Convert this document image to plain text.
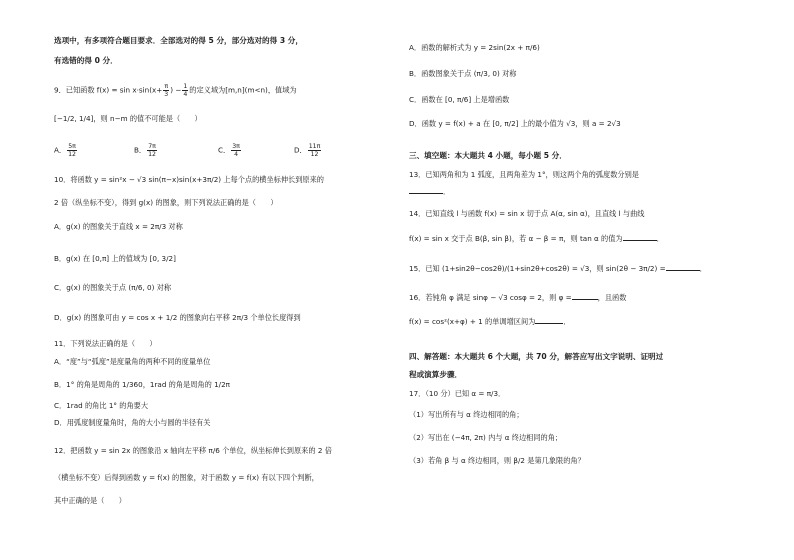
选项中，有多项符合题目要求．全部选对的得 5 分，部分选对的得 3 分，
有选错的得 0 分．
9．已知函数 $f(x) = \sin x\cdot\sin(x+ \frac{\pi}{3}$ ) − $\frac{1}{4}$ 的定义域为[m,n](m<n)，值域为
[−1/2, 1/4]，则 n−m 的值不可能是（　　）
A． $\frac{5\pi}{12}$	B． $\frac{7\pi}{12}$	C． $\frac{3\pi}{4}$	D． $\frac{11\pi}{12}$
10．将函数 y = sin²x − √3 sin(π−x)sin(x+3π/2) 上每个点的横坐标伸长到原来的
2 倍（纵坐标不变），得到 g(x) 的图象，则下列说法正确的是（　　）
A．g(x) 的图象关于直线 x = 2π/3 对称
B．g(x) 在 [0,π] 上的值域为 [0, 3/2]
C．g(x) 的图象关于点 (π/6, 0) 对称
D．g(x) 的图象可由 y = cos x + 1/2 的图象向右平移 2π/3 个单位长度得到
11．下列说法正确的是（　　）
A．“度”与“弧度”是度量角的两种不同的度量单位
B．1° 的角是周角的 1/360，1rad 的角是周角的 1/2π
C．1rad 的角比 1° 的角要大
D．用弧度制度量角时，角的大小与圆的半径有关
12．把函数 y = sin 2x 的图象沿 x 轴向左平移 π/6 个单位，纵坐标伸长到原来的 2 倍
（横坐标不变）后得到函数 y = f(x) 的图象，对于函数 y = f(x) 有以下四个判断，
其中正确的是（　　）
A．函数的解析式为 y = 2sin(2x + π/6)
B．函数图象关于点 (π/3, 0) 对称
C．函数在 [0, π/6] 上是增函数
D．函数 y = f(x) + a 在 [0, π/2] 上的最小值为 √3，则 a = 2√3
三、填空题：本大题共 4 小题，每小题 5 分．
13．已知两角和为 1 弧度，且两角差为 1°，则这两个角的弧度数分别是
．
14．已知直线 l 与函数 f(x) = sin x 切于点 A(α, sin α)，且直线 l 与曲线
f(x) = sin x 交于点 B(β, sin β)，若 α − β = π，则 tan α 的值为	．
15．已知 (1+sin2θ−cos2θ)/(1+sin2θ+cos2θ) = √3，则 sin(2θ − 3π/2) =	．
16．若钝角 φ 满足 sinφ − √3 cosφ = 2，则 φ =	，且函数
f(x) = cos²(x+φ) + 1 的单调增区间为	．
四、解答题：本大题共 6 个大题，共 70 分，解答应写出文字说明、证明过
程或演算步骤．
17．（10 分）已知 α = π/3．
（1）写出所有与 α 终边相同的角；
（2）写出在 (−4π, 2π) 内与 α 终边相同的角；
（3）若角 β 与 α 终边相同，则 β/2 是第几象限的角？
